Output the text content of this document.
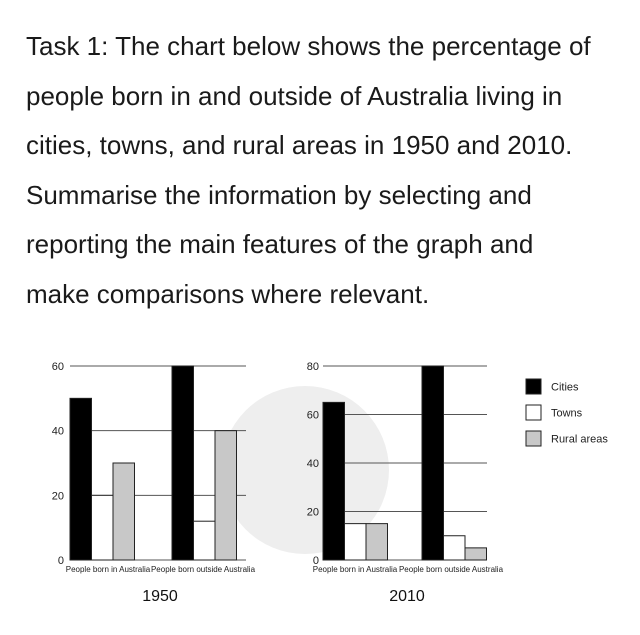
Task 1: The chart below shows the percentage of
people born in and outside of Australia living in
cities, towns, and rural areas in 1950 and 2010.
Summarise the information by selecting and
reporting the main features of the graph and
make comparisons where relevant.
0
20
40
60
People born in Australia People born outside Australia
1950
0
20
40
60
80
People born in Australia People born outside Australia
2010
Cities
Towns
Rural areas
